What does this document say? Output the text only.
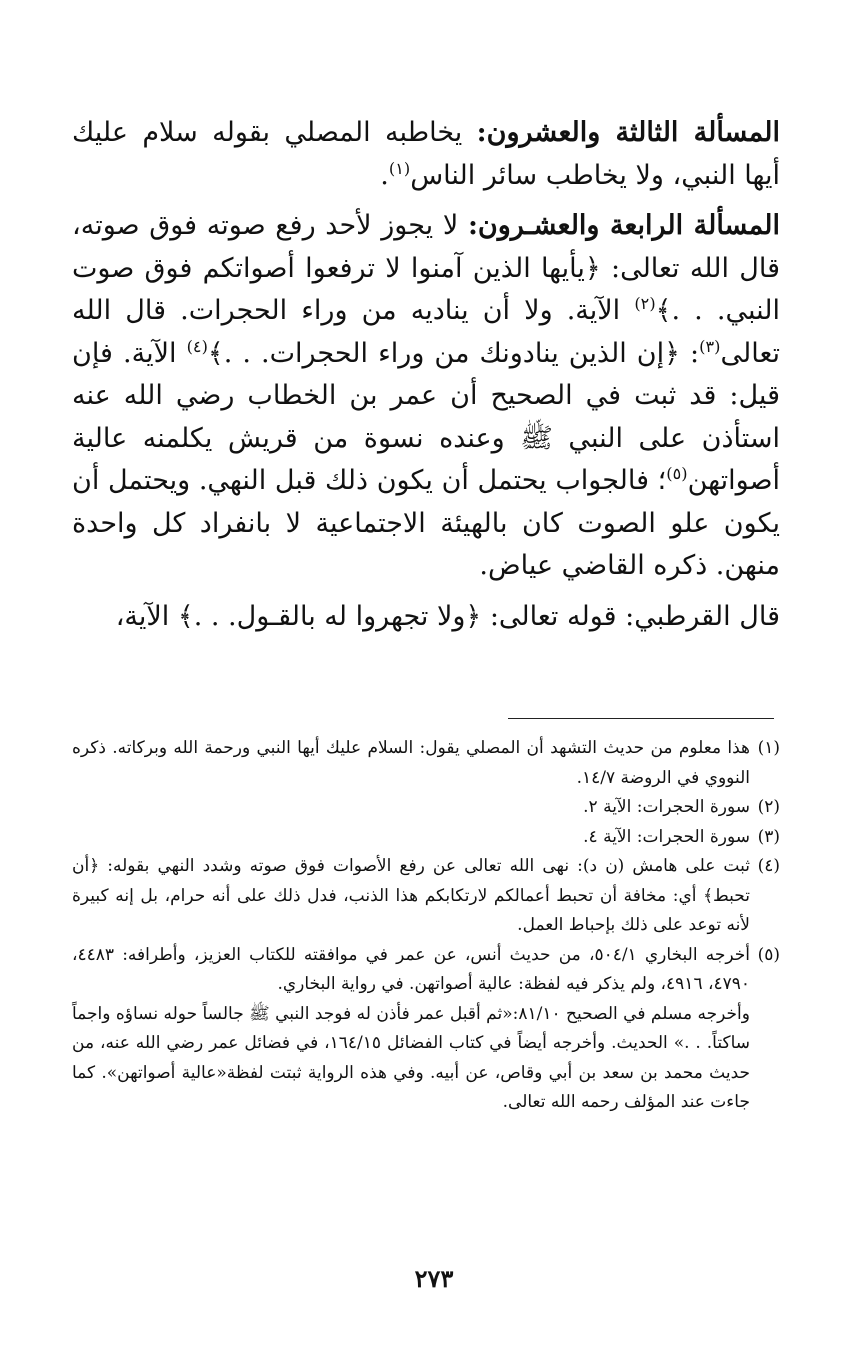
المسألة الثالثة والعشرون: يخاطبه المصلي بقوله سلام عليك أيها النبي، ولا يخاطب سائر الناس$^{(١)}$.

المسألة الرابعة والعشـرون: لا يجوز لأحد رفع صوته فوق صوته، قال الله تعالى: ﴿يأيها الذين آمنوا لا ترفعوا أصواتكم فوق صوت النبي. . .﴾$^{(٢)}$ الآية. ولا أن يناديه من وراء الحجرات. قال الله تعالى$^{(٣)}$: ﴿إن الذين ينادونك من وراء الحجرات. . .﴾$^{(٤)}$ الآية. فإن قيل: قد ثبت في الصحيح أن عمر بن الخطاب رضي الله عنه استأذن على النبي ﷺ وعنده نسوة من قريش يكلمنه عالية أصواتهن$^{(٥)}$؛ فالجواب يحتمل أن يكون ذلك قبل النهي. ويحتمل أن يكون علو الصوت كان بالهيئة الاجتماعية لا بانفراد كل واحدة منهن. ذكره القاضي عياض.

قال القرطبي: قوله تعالى: ﴿ولا تجهروا له بالقـول. . .﴾ الآية،

(١)
هذا معلوم من حديث التشهد أن المصلي يقول: السلام عليك أيها النبي ورحمة الله وبركاته. ذكره النووي في الروضة ١٤/٧.
(٢)
سورة الحجرات: الآية ٢.
(٣)
سورة الحجرات: الآية ٤.
(٤)
ثبت على هامش (ن د): نهى الله تعالى عن رفع الأصوات فوق صوته وشدد النهي بقوله: ﴿أن تحبط﴾ أي: مخافة أن تحبط أعمالكم لارتكابكم هذا الذنب، فدل ذلك على أنه حرام، بل إنه كبيرة لأنه توعد على ذلك بإحباط العمل.
(٥)
أخرجه البخاري ٥٠٤/١، من حديث أنس، عن عمر في موافقته للكتاب العزيز، وأطرافه: ٤٤٨٣، ٤٧٩٠، ٤٩١٦، ولم يذكر فيه لفظة: عالية أصواتهن. في رواية البخاري.

وأخرجه مسلم في الصحيح ٨١/١٠:«ثم أقبل عمر فأذن له فوجد النبي ﷺ جالساً حوله نساؤه واجماً ساكتاً. . .» الحديث. وأخرجه أيضاً في كتاب الفضائل ١٦٤/١٥، في فضائل عمر رضي الله عنه، من حديث محمد بن سعد بن أبي وقاص، عن أبيه. وفي هذه الرواية ثبتت لفظة«عالية أصواتهن». كما جاءت عند المؤلف رحمه الله تعالى.

٢٧٣
